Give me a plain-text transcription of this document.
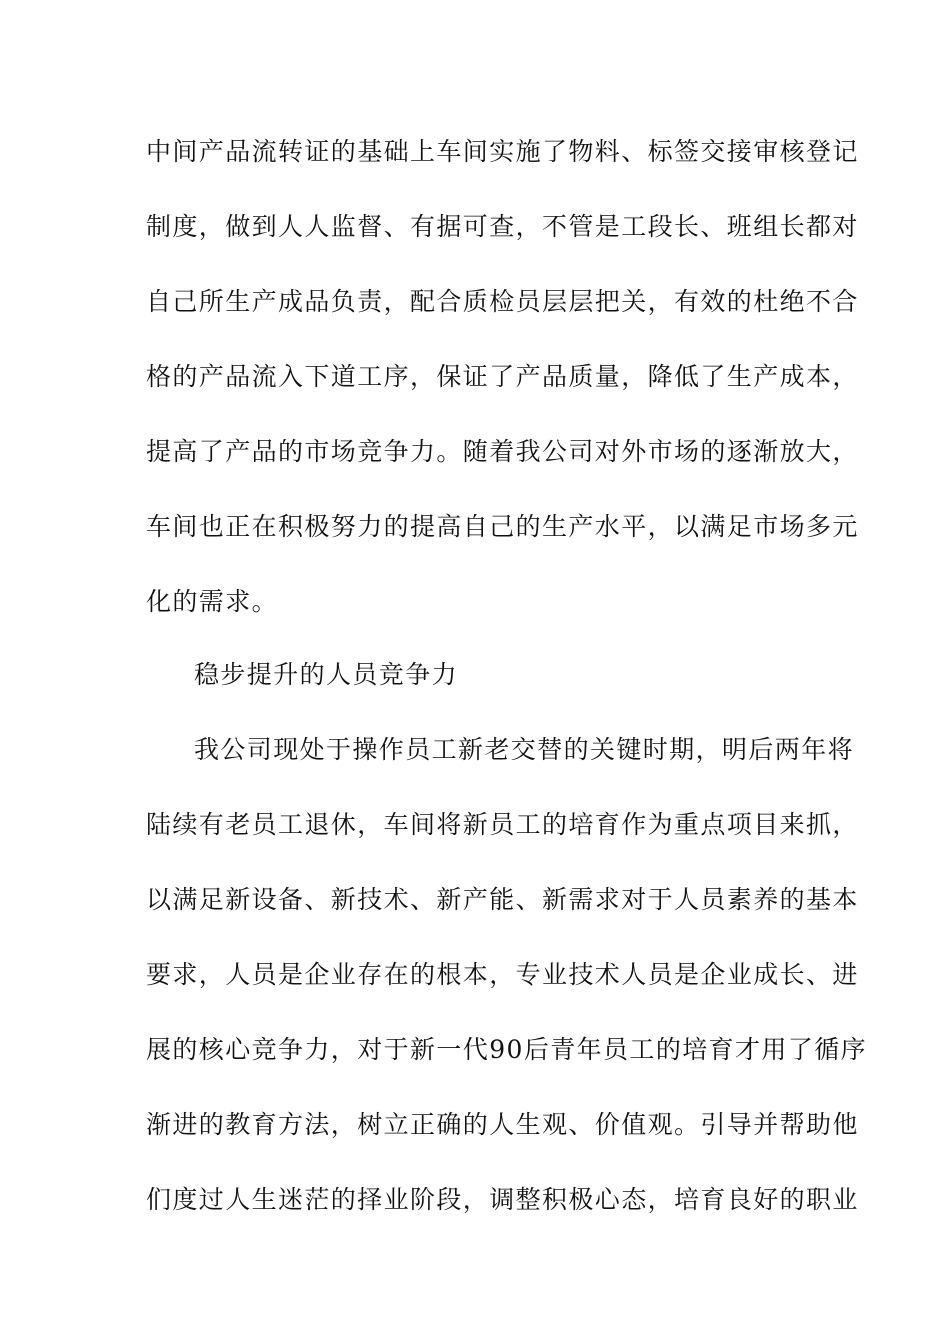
中间产品流转证的基础上车间实施了物料、标签交接审核登记
制度，做到人人监督、有据可查，不管是工段长、班组长都对
自己所生产成品负责，配合质检员层层把关，有效的杜绝不合
格的产品流入下道工序，保证了产品质量，降低了生产成本，
提高了产品的市场竞争力。随着我公司对外市场的逐渐放大，
车间也正在积极努力的提高自己的生产水平，以满足市场多元
化的需求。
稳步提升的人员竞争力
我公司现处于操作员工新老交替的关键时期，明后两年将
陆续有老员工退休，车间将新员工的培育作为重点项目来抓，
以满足新设备、新技术、新产能、新需求对于人员素养的基本
要求，人员是企业存在的根本，专业技术人员是企业成长、进
展的核心竞争力，对于新一代90后青年员工的培育才用了循序
渐进的教育方法，树立正确的人生观、价值观。引导并帮助他
们度过人生迷茫的择业阶段，调整积极心态，培育良好的职业
